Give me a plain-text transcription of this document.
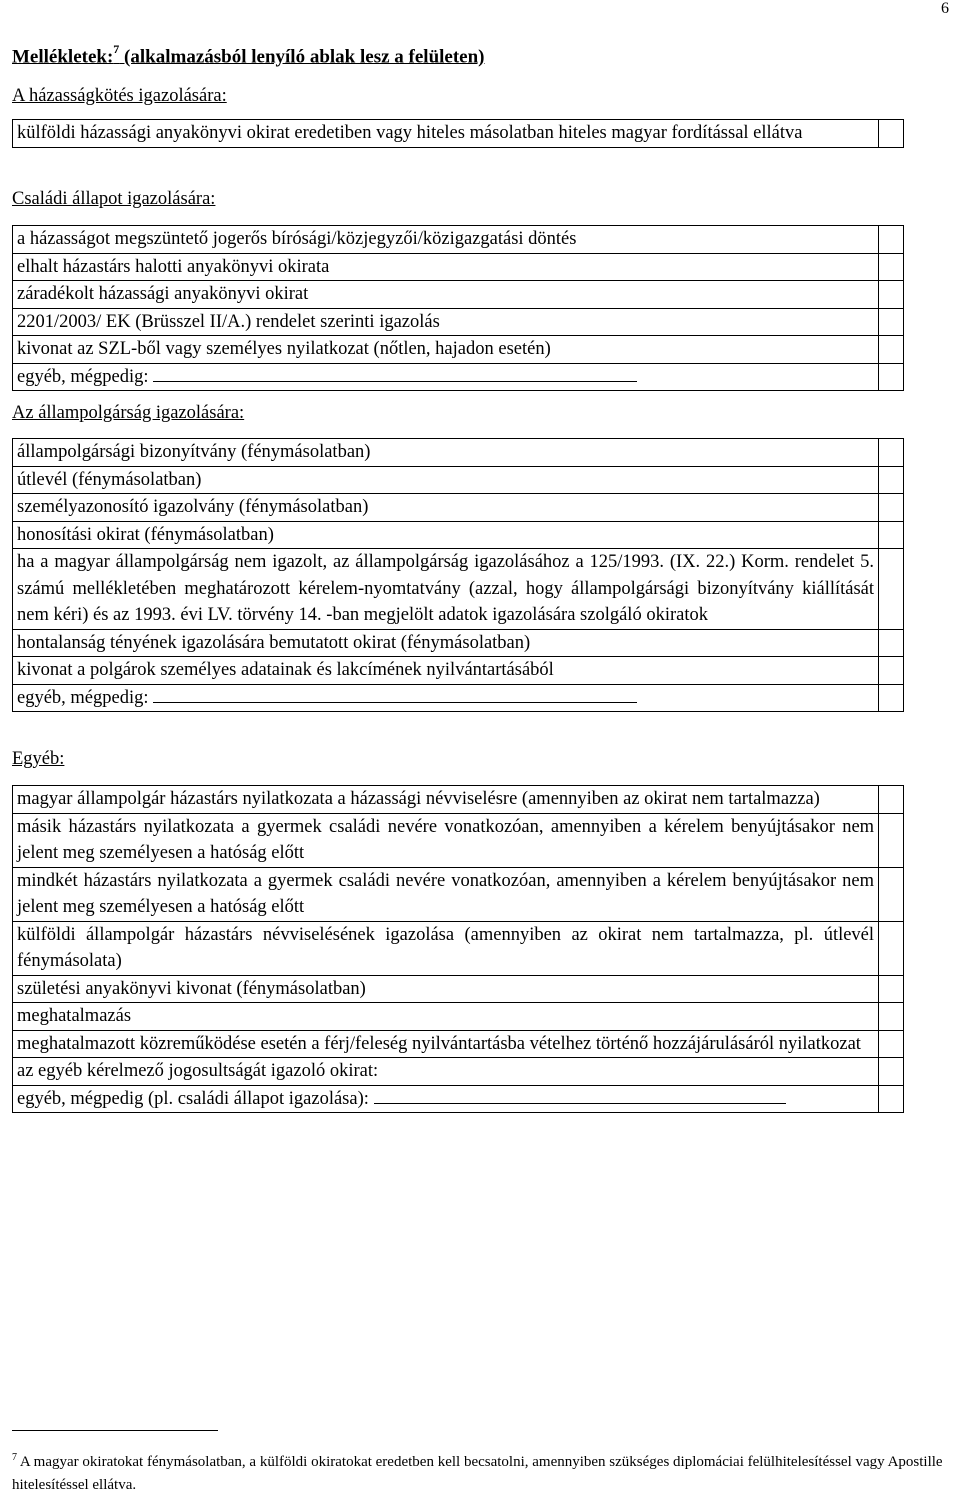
6
Mellékletek:$^7$ (alkalmazásból lenyíló ablak lesz a felületen)
A házasságkötés igazolására:
külföldi házassági anyakönyvi okirat eredetiben vagy hiteles másolatban hiteles magyar fordítással ellátva	
Családi állapot igazolására:
a házasságot megszüntető jogerős bírósági/közjegyzői/közigazgatási döntés	
elhalt házastárs halotti anyakönyvi okirata	
záradékolt házassági anyakönyvi okirat	
2201/2003/ EK (Brüsszel II/A.) rendelet szerinti igazolás	
kivonat az SZL-ből vagy személyes nyilatkozat (nőtlen, hajadon esetén)	
egyéb, mégpedig:	
Az állampolgárság igazolására:
állampolgársági bizonyítvány (fénymásolatban)	
útlevél (fénymásolatban)	
személyazonosító igazolvány (fénymásolatban)	
honosítási okirat (fénymásolatban)	
ha a magyar állampolgárság nem igazolt, az állampolgárság igazolásához a 125/1993. (IX. 22.) Korm. rendelet 5. számú mellékletében meghatározott kérelem-nyomtatvány (azzal, hogy állampolgársági bizonyítvány kiállítását nem kéri) és az 1993. évi LV. törvény 14. -ban megjelölt adatok igazolására szolgáló okiratok	
hontalanság tényének igazolására bemutatott okirat (fénymásolatban)	
kivonat a polgárok személyes adatainak és lakcímének nyilvántartásából	
egyéb, mégpedig:	
Egyéb:
magyar állampolgár házastárs nyilatkozata a házassági névviselésre (amennyiben az okirat nem tartalmazza)	
másik házastárs nyilatkozata a gyermek családi nevére vonatkozóan, amennyiben a kérelem benyújtásakor nem jelent meg személyesen a hatóság előtt	
mindkét házastárs nyilatkozata a gyermek családi nevére vonatkozóan, amennyiben a kérelem benyújtásakor nem jelent meg személyesen a hatóság előtt	
külföldi állampolgár házastárs névviselésének igazolása (amennyiben az okirat nem tartalmazza, pl. útlevél fénymásolata)	
születési anyakönyvi kivonat (fénymásolatban)	
meghatalmazás	
meghatalmazott közreműködése esetén a férj/feleség nyilvántartásba vételhez történő hozzájárulásáról nyilatkozat	
az egyéb kérelmező jogosultságát igazoló okirat:	
egyéb, mégpedig (pl. családi állapot igazolása):	
$^7$ A magyar okiratokat fénymásolatban, a külföldi okiratokat eredetben kell becsatolni, amennyiben szükséges diplomáciai felülhitelesítéssel vagy Apostille hitelesítéssel ellátva.
